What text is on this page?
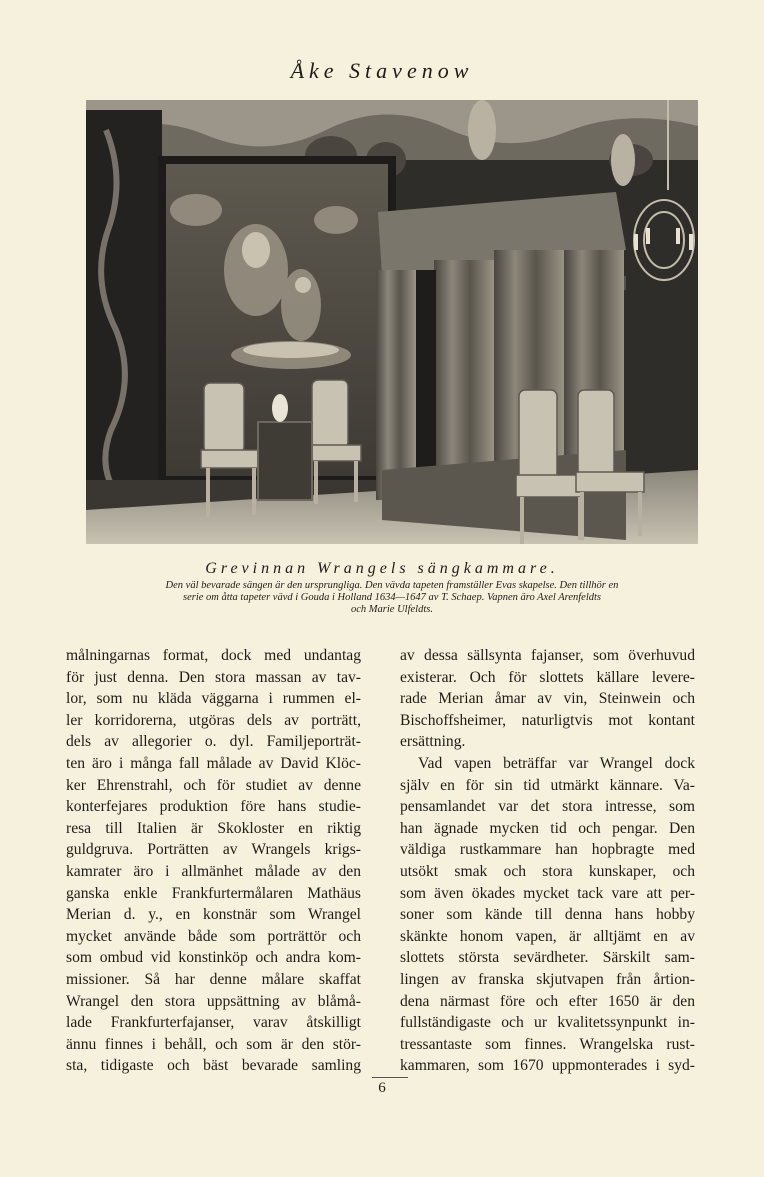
Åke Stavenow
Grevinnan Wrangels sängkammare.
Den väl bevarade sängen är den ursprungliga. Den vävda tapeten framställer Evas skapelse. Den tillhör en
serie om åtta tapeter vävd i Gouda i Holland 1634—1647 av T. Schaep. Vapnen äro Axel Arenfeldts
och Marie Ulfeldts.
målningarnas format, dock med undantag
för just denna. Den stora massan av tav-
lor, som nu kläda väggarna i rummen el-
ler korridorerna, utgöras dels av porträtt,
dels av allegorier o. dyl. Familjeporträt-
ten äro i många fall målade av David Klöc-
ker Ehrenstrahl, och för studiet av denne
konterfejares produktion före hans studie-
resa till Italien är Skokloster en riktig
guldgruva. Porträtten av Wrangels krigs-
kamrater äro i allmänhet målade av den
ganska enkle Frankfurtermålaren Mathäus
Merian d. y., en konstnär som Wrangel
mycket använde både som porträttör och
som ombud vid konstinköp och andra kom-
missioner. Så har denne målare skaffat
Wrangel den stora uppsättning av blåmå-
lade Frankfurterfajanser, varav åtskilligt
ännu finnes i behåll, och som är den stör-
sta, tidigaste och bäst bevarade samling
av dessa sällsynta fajanser, som överhuvud
existerar. Och för slottets källare levere-
rade Merian åmar av vin, Steinwein och
Bischoffsheimer, naturligtvis mot kontant
ersättning.
Vad vapen beträffar var Wrangel dock
själv en för sin tid utmärkt kännare. Va-
pensamlandet var det stora intresse, som
han ägnade mycken tid och pengar. Den
väldiga rustkammare han hopbragte med
utsökt smak och stora kunskaper, och
som även ökades mycket tack vare att per-
soner som kände till denna hans hobby
skänkte honom vapen, är alltjämt en av
slottets största sevärdheter. Särskilt sam-
lingen av franska skjutvapen från årtion-
dena närmast före och efter 1650 är den
fullständigaste och ur kvalitetssynpunkt in-
tressantaste som finnes. Wrangelska rust-
kammaren, som 1670 uppmonterades i syd-
6
